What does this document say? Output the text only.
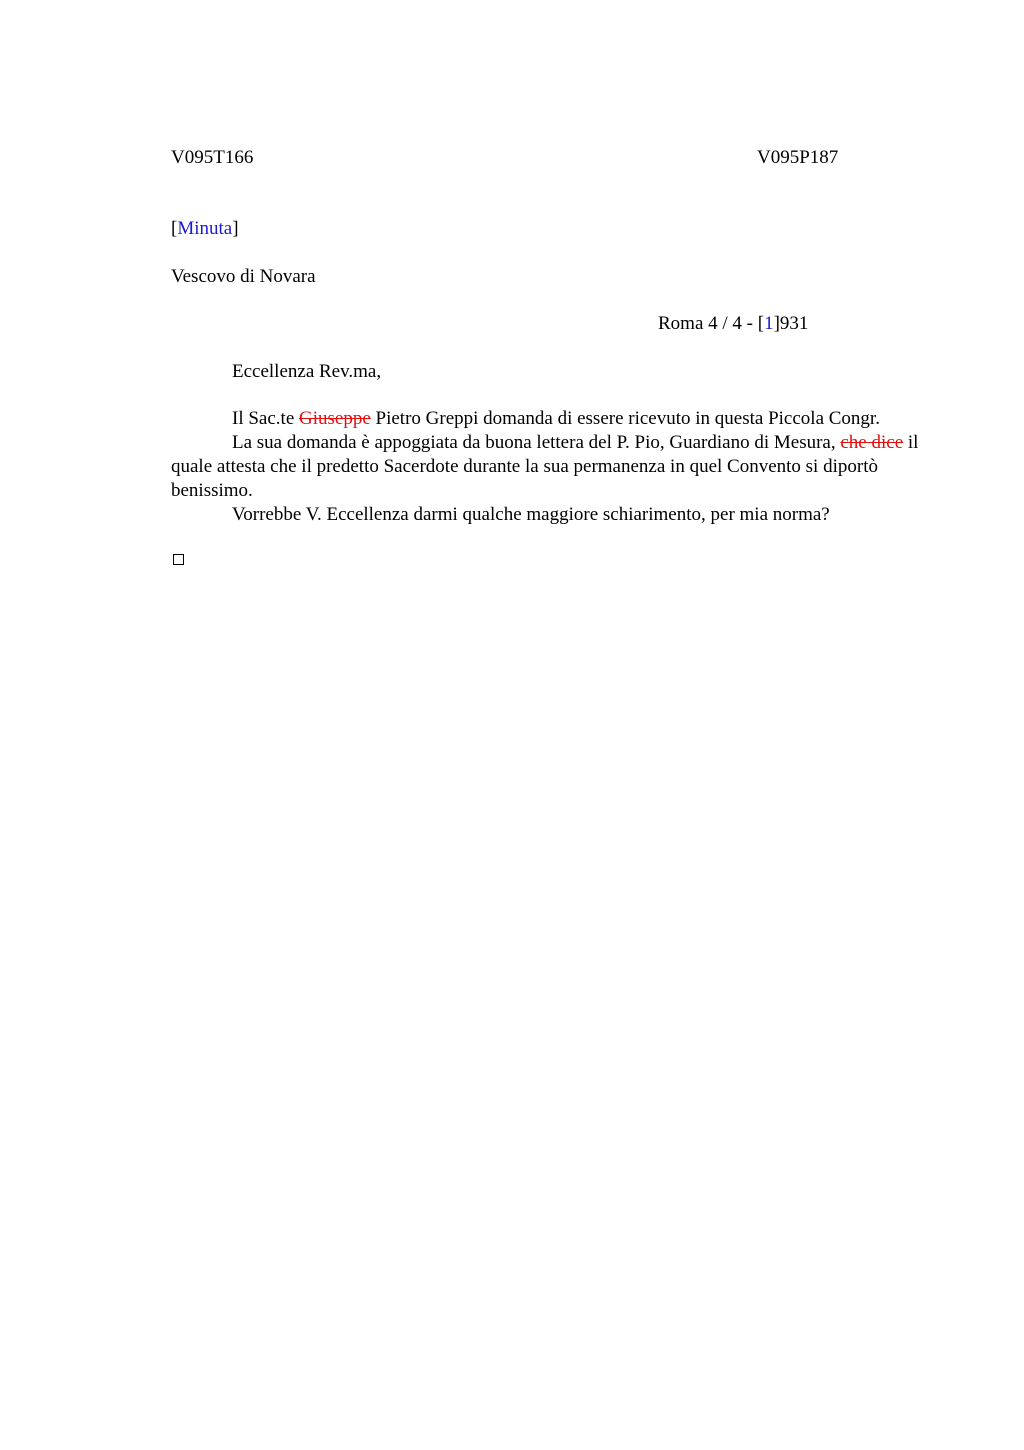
V095T166	V095P187
[Minuta]
Vescovo di Novara
Roma 4 / 4 - [1]931
Eccellenza Rev.ma,

Il Sac.te Giuseppe Pietro Greppi domanda di essere ricevuto in questa Piccola Congr.

La sua domanda è appoggiata da buona lettera del P. Pio, Guardiano di Mesura, che dice il quale attesta che il predetto Sacerdote durante la sua permanenza in quel Convento si diportò benissimo.

Vorrebbe V. Eccellenza darmi qualche maggiore schiarimento, per mia norma?
